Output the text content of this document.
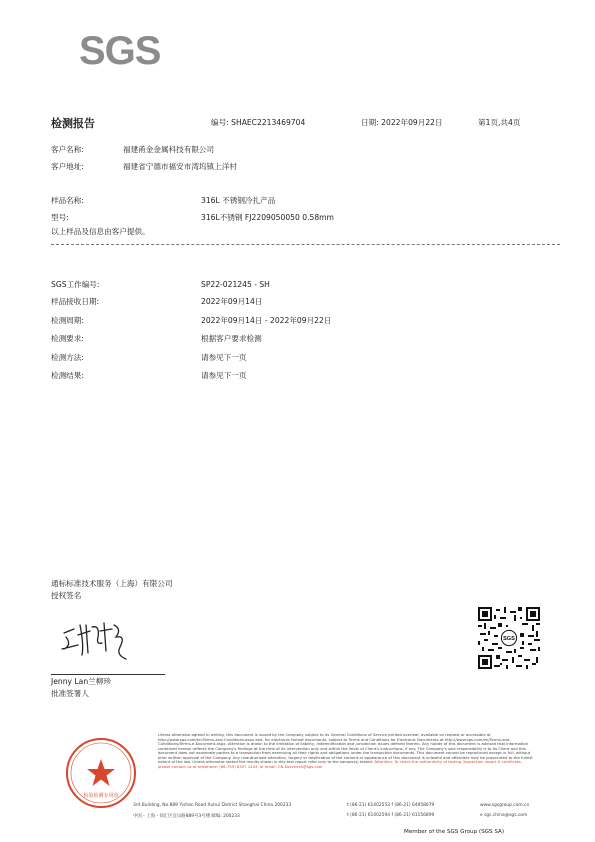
SGS
检测报告	编号: SHAEC2213469704	日期: 2022年09月22日	第1页,共4页
客户名称:	福建甬金金属科技有限公司
客户地址:	福建省宁德市福安市湾坞镇上洋村
样品名称:	316L 不锈钢冷扎产品
型号:	316L不锈钢 FJ2209050050 0.58mm
以上样品及信息由客户提供。
SGS工作编号:	SP22-021245 - SH
样品接收日期:	2022年09月14日
检测周期:	2022年09月14日 - 2022年09月22日
检测要求:	根据客户要求检测
检测方法:	请参见下一页
检测结果:	请参见下一页
通标标准技术服务（上海）有限公司
授权签名
Jenny Lan兰柳珍
批准签署人
SGS
检验检测专用章
Unless otherwise agreed in writing, this document is issued by the Company subject to its General Conditions of Service printed overleaf, available on request or accessible at http://www.sgs.com/en/Terms-and-Conditions.aspx and, for electronic format documents, subject to Terms and Conditions for Electronic Documents at http://www.sgs.com/en/Terms-and-Conditions/Terms-e-Document.aspx. Attention is drawn to the limitation of liability, indemnification and jurisdiction issues defined therein. Any holder of this document is advised that information contained hereon reflects the Company's findings at the time of its intervention only and within the limits of Client's instructions, if any. The Company's sole responsibility is to its Client and this document does not exonerate parties to a transaction from exercising all their rights and obligations under the transaction documents. This document cannot be reproduced except in full, without prior written approval of the Company. Any unauthorized alteration, forgery or falsification of the content or appearance of this document is unlawful and offenders may be prosecuted to the fullest extent of the law. Unless otherwise stated the results shown in this test report refer only to the sample(s) tested. Attention: To check the authenticity of testing /inspection report & certificate, please contact us at telephone: (86-755) 8307 1443, or email: CN.Doccheck@sgs.com
3rd Building, No.889 Yishan Road Xuhui District Shanghai China 200233
中国・上海・徐汇区宜山路889号3号楼 邮编: 200233
t (86-21) 61402553 f (86-21) 64958679
t (86-21) 61402594 f (86-21) 61156899
www.sgsgroup.com.cn
e sgs.china@sgs.com
Member of the SGS Group (SGS SA)
